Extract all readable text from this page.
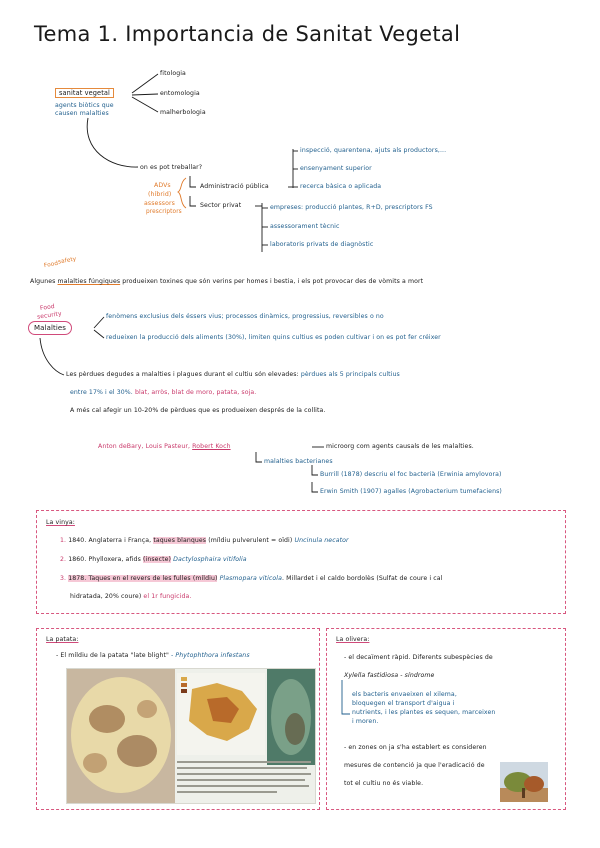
Tema 1. Importancia de Sanitat Vegetal
sanitat vegetal
agents biòtics que
causen malalties
fitologia
entomologia
malherbologia
on es pot treballar?
ADVs
(híbrid)
assessors
prescriptors
Administració pública
Sector privat
inspecció, quarentena, ajuts als productors,...
ensenyament superior
recerca bàsica o aplicada
empreses: producció plantes, R+D, prescriptors FS
assessorament tècnic
laboratoris privats de diagnòstic
Food
safety
Algunes malalties fúngiques produeixen toxines que són verins per homes i bestia, i els pot provocar des de vòmits a mort
Food
security
Malalties
fenòmens exclusius dels éssers vius; processos dinàmics, progressius, reversibles o no
redueixen la producció dels aliments (30%), limiten quins cultius es poden cultivar i on es pot fer créixer
Les pèrdues degudes a malalties i plagues durant el cultiu són elevades: pèrdues als 5 principals cultius
entre 17% i el 30%. blat, arròs, blat de moro, patata, soja.
A més cal afegir un 10-20% de pèrdues que es produeixen després de la collita.
Anton deBary, Louis Pasteur, Robert Koch	microorg com agents causals de les malalties.
malalties bacterianes
Burrill (1878) descriu el foc bacterià (Erwinia amylovora)
Erwin Smith (1907) agalles (Agrobacterium tumefaciens)
La vinya:
1. 1840. Anglaterra i França, taques blanques (míldiu pulverulent = oïdi) Uncinula necator
2. 1860. Phylloxera, afids (insecte) Dactylosphaira vitifolia
3. 1878. Taques en el revers de les fulles (míldiu) Plasmopara viticola. Millardet i el caldo bordolès (Sulfat de coure i cal
hidratada, 20% coure) el 1r fungicida.
La patata:
- El míldiu de la patata "late blight" - Phytophthora infestans
La olivera:
- el decaïment ràpid. Diferents subespècies de
Xylella fastidiosa - síndrome
els bacteris envaeixen el xilema,
bloquegen el transport d'aigua i
nutrients, i les plantes es sequen, marceixen
i moren.
- en zones on ja s'ha establert es consideren
mesures de contenció ja que l'eradicació de
tot el cultiu no és viable.
